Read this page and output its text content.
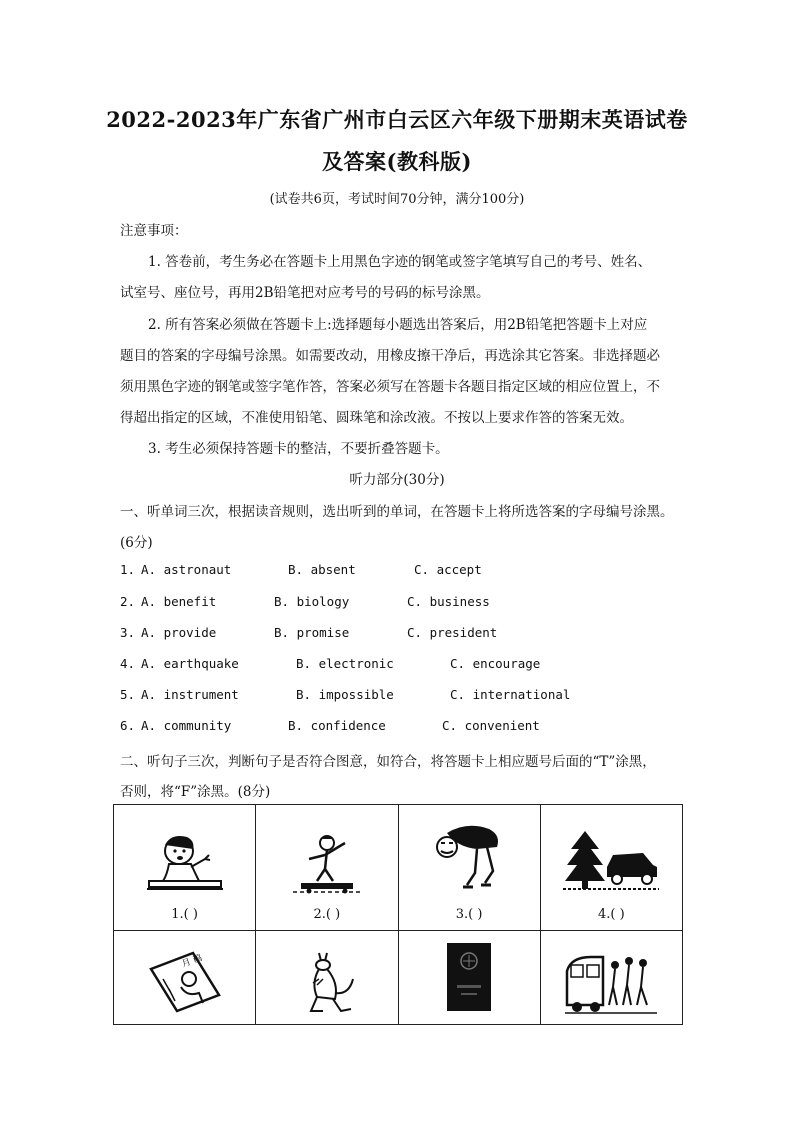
2022-2023年广东省广州市白云区六年级下册期末英语试卷
及答案(教科版)
(试卷共6页，考试时间70分钟，满分100分)
注意事项：
1. 答卷前，考生务必在答题卡上用黑色字迹的钢笔或签字笔填写自己的考号、姓名、
试室号、座位号，再用2B铅笔把对应考号的号码的标号涂黑。
2. 所有答案必须做在答题卡上:选择题每小题选出答案后，用2B铅笔把答题卡上对应
题目的答案的字母编号涂黑。如需要改动，用橡皮擦干净后，再选涂其它答案。非选择题必
须用黑色字迹的钢笔或签字笔作答，答案必须写在答题卡各题目指定区域的相应位置上，不
得超出指定的区域，不准使用铅笔、圆珠笔和涂改液。不按以上要求作答的答案无效。
3. 考生必须保持答题卡的整洁，不要折叠答题卡。
听力部分(30分)
一、听单词三次，根据读音规则，选出听到的单词，在答题卡上将所选答案的字母编号涂黑。
(6分)
1. A. astronaut	B. absent	C. accept
2. A. benefit	B. biology	C. business
3. A. provide	B. promise	C. president
4. A. earthquake	B. electronic	C. encourage
5. A. instrument	B. impossible	C. international
6. A. community	B. confidence	C. convenient
二、听句子三次，判断句子是否符合图意，如符合，将答题卡上相应题号后面的“T”涂黑，
否则，将“F”涂黑。(8分)
1.( )	2.( )	3.( )	4.( )

月 稿
